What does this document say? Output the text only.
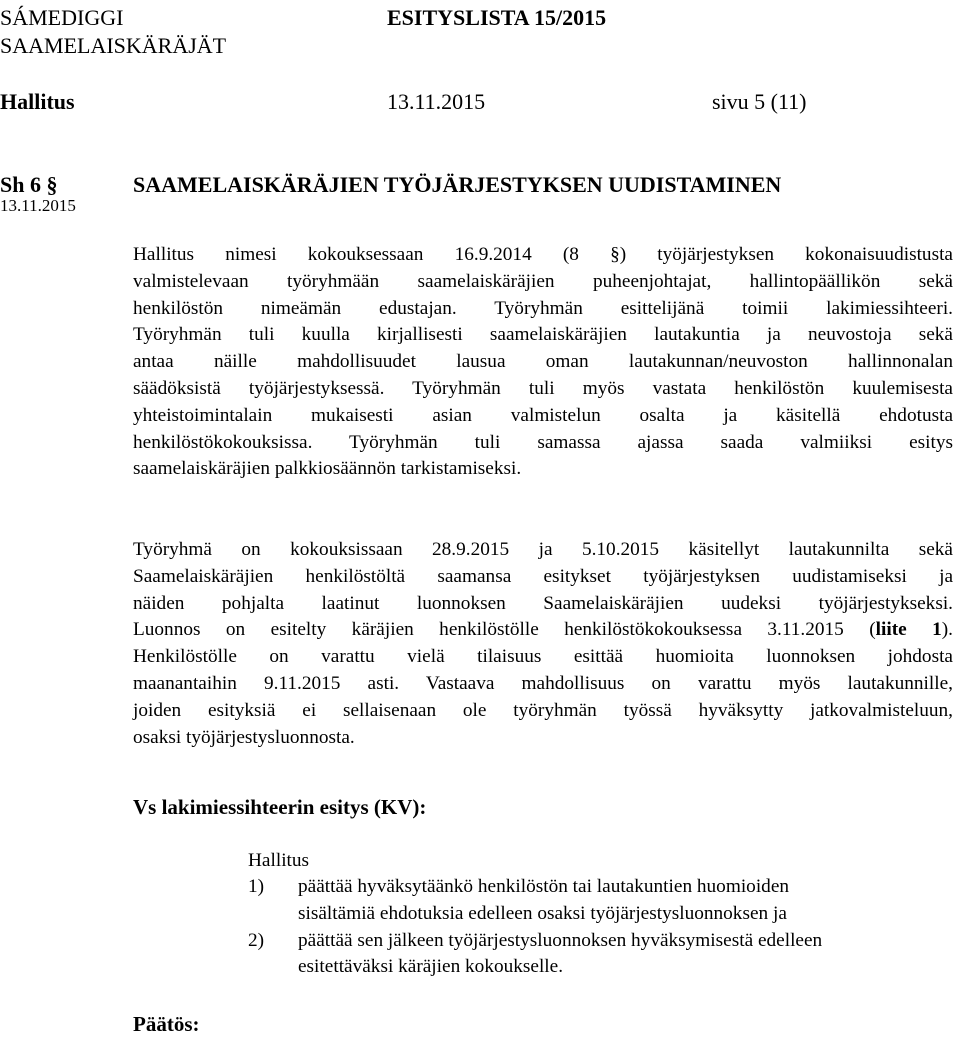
SÁMEDIGGI
SAAMELAISKÄRÄJÄT
ESITYSLISTA 15/2015
Hallitus	13.11.2015	sivu 5 (11)
Sh 6 §
13.11.2015
SAAMELAISKÄRÄJIEN TYÖJÄRJESTYKSEN UUDISTAMINEN
Hallitus nimesi kokouksessaan 16.9.2014 (8 §) työjärjestyksen kokonaisuudistusta
valmistelevaan työryhmään saamelaiskäräjien puheenjohtajat, hallintopäällikön sekä
henkilöstön nimeämän edustajan. Työryhmän esittelijänä toimii lakimiessihteeri.
Työryhmän tuli kuulla kirjallisesti saamelaiskäräjien lautakuntia ja neuvostoja sekä
antaa näille mahdollisuudet lausua oman lautakunnan/neuvoston hallinnonalan
säädöksistä työjärjestyksessä. Työryhmän tuli myös vastata henkilöstön kuulemisesta
yhteistoimintalain mukaisesti asian valmistelun osalta ja käsitellä ehdotusta
henkilöstökokouksissa. Työryhmän tuli samassa ajassa saada valmiiksi esitys
saamelaiskäräjien palkkiosäännön tarkistamiseksi.
Työryhmä on kokouksissaan 28.9.2015 ja 5.10.2015 käsitellyt lautakunnilta sekä
Saamelaiskäräjien henkilöstöltä saamansa esitykset työjärjestyksen uudistamiseksi ja
näiden pohjalta laatinut luonnoksen Saamelaiskäräjien uudeksi työjärjestykseksi.
Luonnos on esitelty käräjien henkilöstölle henkilöstökokouksessa 3.11.2015 (liite 1).
Henkilöstölle on varattu vielä tilaisuus esittää huomioita luonnoksen johdosta
maanantaihin 9.11.2015 asti. Vastaava mahdollisuus on varattu myös lautakunnille,
joiden esityksiä ei sellaisenaan ole työryhmän työssä hyväksytty jatkovalmisteluun,
osaksi työjärjestysluonnosta.
Vs lakimiessihteerin esitys (KV):
Hallitus
1) päättää hyväksytäänkö henkilöstön tai lautakuntien huomioiden
sisältämiä ehdotuksia edelleen osaksi työjärjestysluonnoksen ja
2) päättää sen jälkeen työjärjestysluonnoksen hyväksymisestä edelleen
esitettäväksi käräjien kokoukselle.
Päätös:
